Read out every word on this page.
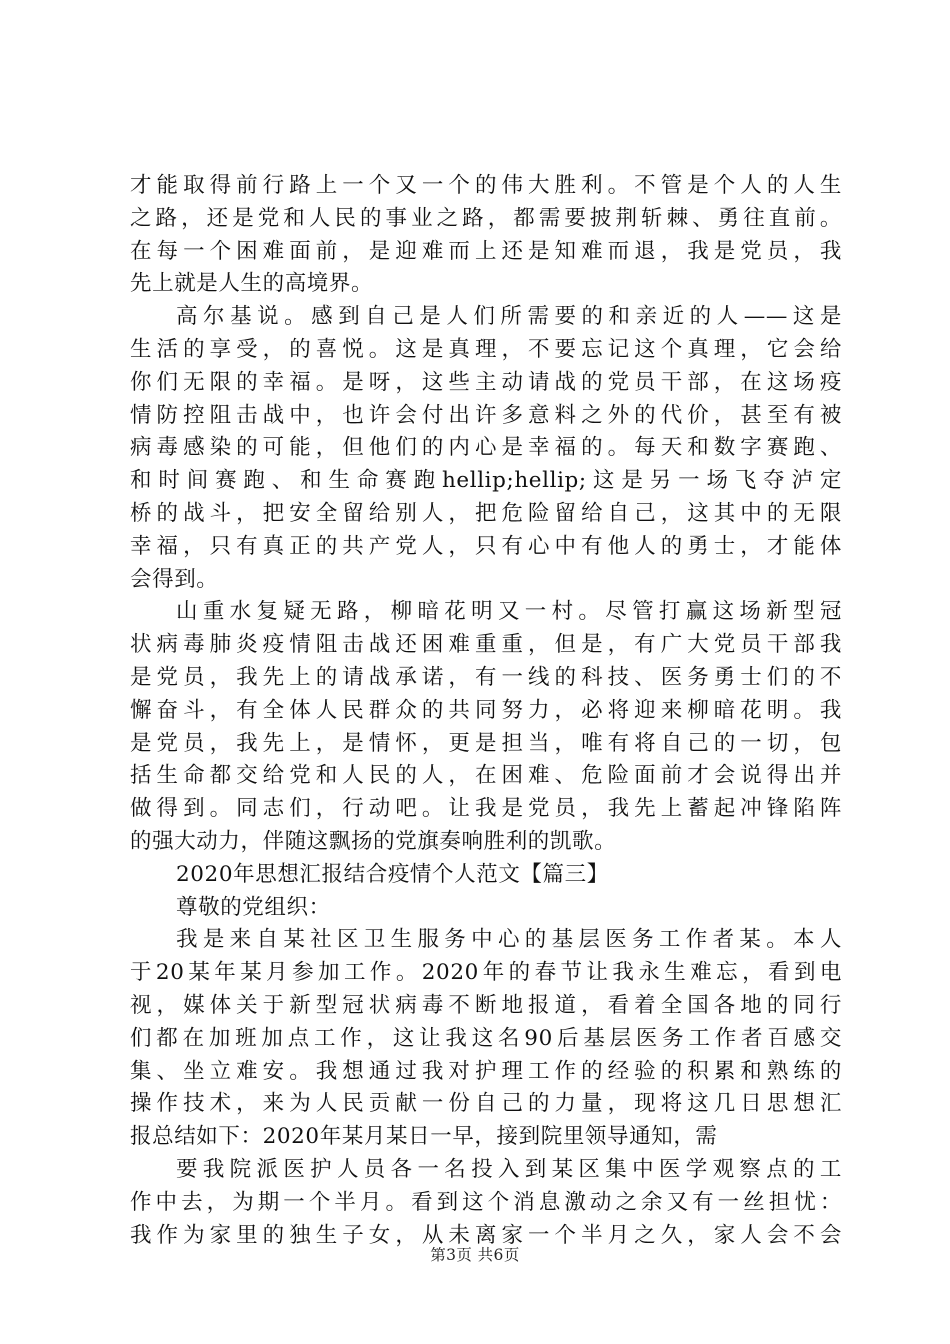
才能取得前行路上一个又一个的伟大胜利。不管是个人的人生
之路，还是党和人民的事业之路，都需要披荆斩棘、勇往直前。
在每一个困难面前，是迎难而上还是知难而退，我是党员，我
先上就是人生的高境界。
高尔基说。感到自己是人们所需要的和亲近的人——这是
生活的享受，的喜悦。这是真理，不要忘记这个真理，它会给
你们无限的幸福。是呀，这些主动请战的党员干部，在这场疫
情防控阻击战中，也许会付出许多意料之外的代价，甚至有被
病毒感染的可能，但他们的内心是幸福的。每天和数字赛跑、
和时间赛跑、和生命赛跑hellip;hellip;这是另一场飞夺泸定
桥的战斗，把安全留给别人，把危险留给自己，这其中的无限
幸福，只有真正的共产党人，只有心中有他人的勇士，才能体
会得到。
山重水复疑无路，柳暗花明又一村。尽管打赢这场新型冠
状病毒肺炎疫情阻击战还困难重重，但是，有广大党员干部我
是党员，我先上的请战承诺，有一线的科技、医务勇士们的不
懈奋斗，有全体人民群众的共同努力，必将迎来柳暗花明。我
是党员，我先上，是情怀，更是担当，唯有将自己的一切，包
括生命都交给党和人民的人，在困难、危险面前才会说得出并
做得到。同志们，行动吧。让我是党员，我先上蓄起冲锋陷阵
的强大动力，伴随这飘扬的党旗奏响胜利的凯歌。
2020年思想汇报结合疫情个人范文【篇三】
尊敬的党组织：
我是来自某社区卫生服务中心的基层医务工作者某。本人
于20某年某月参加工作。2020年的春节让我永生难忘，看到电
视，媒体关于新型冠状病毒不断地报道，看着全国各地的同行
们都在加班加点工作，这让我这名90后基层医务工作者百感交
集、坐立难安。我想通过我对护理工作的经验的积累和熟练的
操作技术，来为人民贡献一份自己的力量，现将这几日思想汇
报总结如下：2020年某月某日一早，接到院里领导通知，需
要我院派医护人员各一名投入到某区集中医学观察点的工
作中去，为期一个半月。看到这个消息激动之余又有一丝担忧：
我作为家里的独生子女，从未离家一个半月之久，家人会不会
第3页 共6页
